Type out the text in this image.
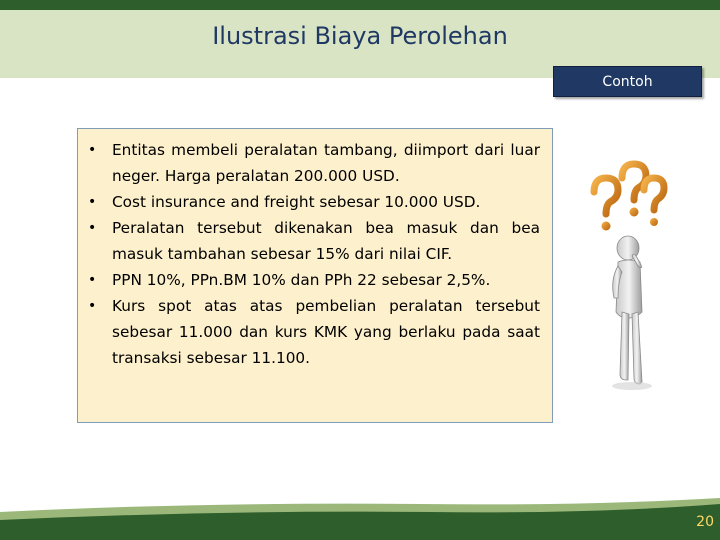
Ilustrasi Biaya Perolehan
Contoh
• Entitas membeli peralatan tambang, diimport dari luar neger. Harga peralatan 200.000 USD.
• Cost insurance and freight sebesar 10.000 USD.
• Peralatan tersebut dikenakan bea masuk dan bea masuk tambahan sebesar 15% dari nilai CIF.
• PPN 10%, PPn.BM 10% dan PPh 22 sebesar 2,5%.
• Kurs spot atas atas pembelian peralatan tersebut sebesar 11.000 dan kurs KMK yang berlaku pada saat transaksi sebesar 11.100.
20
